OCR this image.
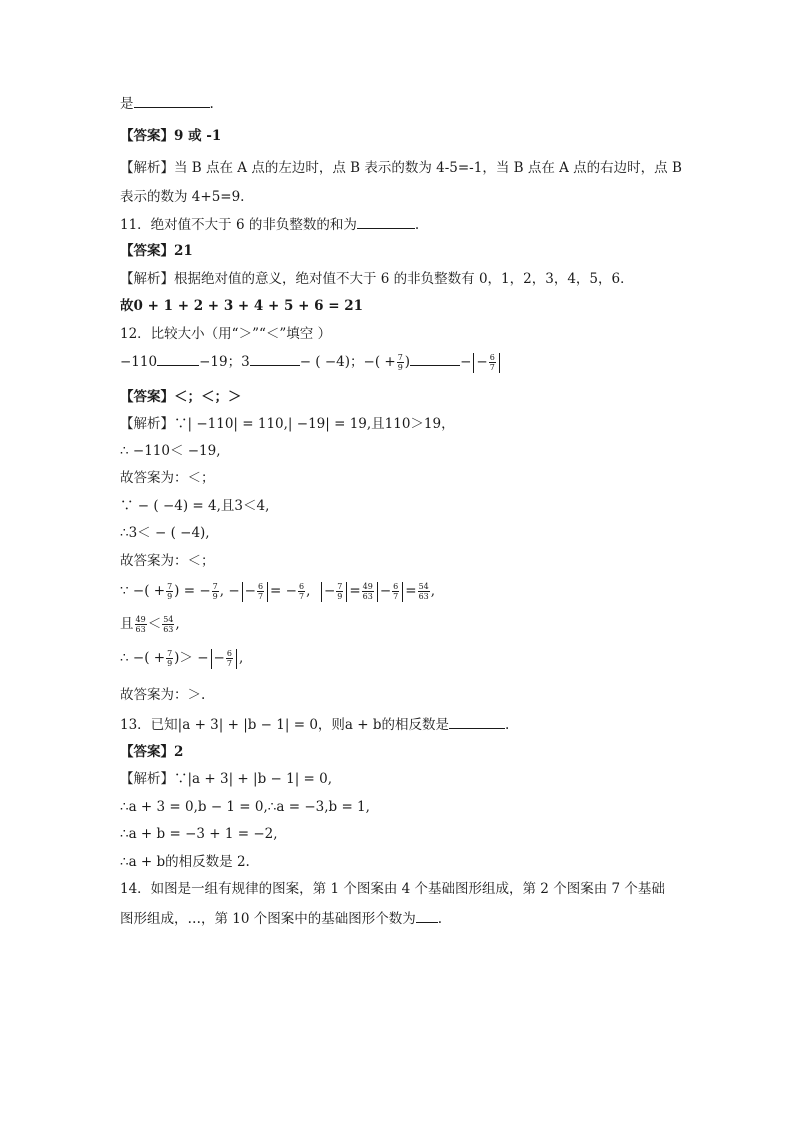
是	.
【答案】9 或 -1
【解析】当 B 点在 A 点的左边时，点 B 表示的数为 4-5=-1，当 B 点在 A 点的右边时，点 B
表示的数为 4+5=9.
11．绝对值不大于 6 的非负整数的和为	.
【答案】21
【解析】根据绝对值的意义，绝对值不大于 6 的非负整数有 0，1，2，3，4，5，6．
故0 + 1 + 2 + 3 + 4 + 5 + 6 = 21
12．比较大小（用“＞”“＜”填空 ）
−110	−19；3	− ( −4)；−( + $\frac{7}{9}$ )	− − $\frac{6}{7}$
【答案】＜；＜；＞
【解析】∵| −110| = 110,| −19| = 19,且110＞19，
∴ −110＜ −19,
故答案为：＜；
∵ − ( −4) = 4,且3＜4,
∴3＜ − ( −4),
故答案为：＜；
∵ −( + $\frac{7}{9}$ ) = − $\frac{7}{9}$ , − − $\frac{6}{7}$ = − $\frac{6}{7}$ , − $\frac{7}{9} = \frac{49}{63} - \frac{6}{7} = \frac{54}{63}$ ,
且 $\frac{49}{63} < \frac{54}{63}$ ,
∴ −( + $\frac{7}{9}$ )＞ − − $\frac{6}{7}$ ,
故答案为：＞.
13．已知|a + 3| + |b − 1| = 0，则a + b的相反数是	.
【答案】2
【解析】∵|a + 3| + |b − 1| = 0,
∴a + 3 = 0,b − 1 = 0,∴a = −3,b = 1,
∴a + b = −3 + 1 = −2,
∴a + b的相反数是 2.
14．如图是一组有规律的图案，第 1 个图案由 4 个基础图形组成，第 2 个图案由 7 个基础
图形组成，…，第 10 个图案中的基础图形个数为 .
